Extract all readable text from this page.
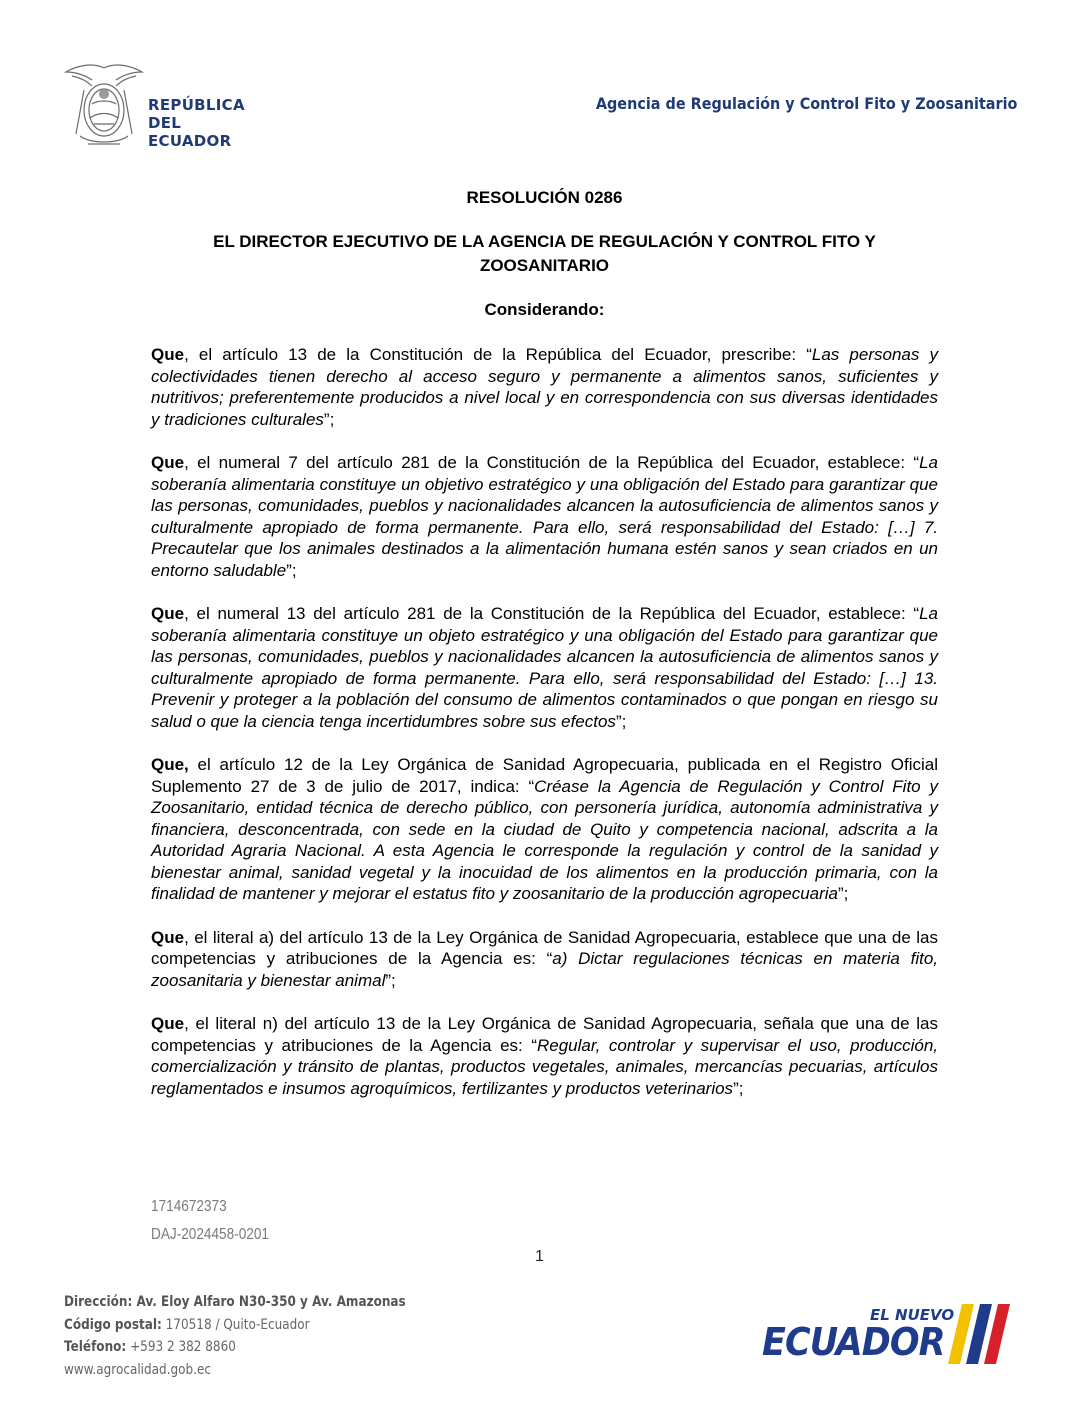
REPÚBLICA
DEL ECUADOR

Agencia de Regulación y Control Fito y Zoosanitario

RESOLUCIÓN 0286

EL DIRECTOR EJECUTIVO DE LA AGENCIA DE REGULACIÓN Y CONTROL FITO Y ZOOSANITARIO

Considerando:

Que, el artículo 13 de la Constitución de la República del Ecuador, prescribe: “Las personas y colectividades tienen derecho al acceso seguro y permanente a alimentos sanos, suficientes y nutritivos; preferentemente producidos a nivel local y en correspondencia con sus diversas identidades y tradiciones culturales”;

Que, el numeral 7 del artículo 281 de la Constitución de la República del Ecuador, establece: “La soberanía alimentaria constituye un objetivo estratégico y una obligación del Estado para garantizar que las personas, comunidades, pueblos y nacionalidades alcancen la autosuficiencia de alimentos sanos y culturalmente apropiado de forma permanente. Para ello, será responsabilidad del Estado: […] 7. Precautelar que los animales destinados a la alimentación humana estén sanos y sean criados en un entorno saludable”;

Que, el numeral 13 del artículo 281 de la Constitución de la República del Ecuador, establece: “La soberanía alimentaria constituye un objeto estratégico y una obligación del Estado para garantizar que las personas, comunidades, pueblos y nacionalidades alcancen la autosuficiencia de alimentos sanos y culturalmente apropiado de forma permanente. Para ello, será responsabilidad del Estado: […] 13. Prevenir y proteger a la población del consumo de alimentos contaminados o que pongan en riesgo su salud o que la ciencia tenga incertidumbres sobre sus efectos”;

Que, el artículo 12 de la Ley Orgánica de Sanidad Agropecuaria, publicada en el Registro Oficial Suplemento 27 de 3 de julio de 2017, indica: “Créase la Agencia de Regulación y Control Fito y Zoosanitario, entidad técnica de derecho público, con personería jurídica, autonomía administrativa y financiera, desconcentrada, con sede en la ciudad de Quito y competencia nacional, adscrita a la Autoridad Agraria Nacional. A esta Agencia le corresponde la regulación y control de la sanidad y bienestar animal, sanidad vegetal y la inocuidad de los alimentos en la producción primaria, con la finalidad de mantener y mejorar el estatus fito y zoosanitario de la producción agropecuaria”;

Que, el literal a) del artículo 13 de la Ley Orgánica de Sanidad Agropecuaria, establece que una de las competencias y atribuciones de la Agencia es: “a) Dictar regulaciones técnicas en materia fito, zoosanitaria y bienestar animal”;

Que, el literal n) del artículo 13 de la Ley Orgánica de Sanidad Agropecuaria, señala que una de las competencias y atribuciones de la Agencia es: “Regular, controlar y supervisar el uso, producción, comercialización y tránsito de plantas, productos vegetales, animales, mercancías pecuarias, artículos reglamentados e insumos agroquímicos, fertilizantes y productos veterinarios”;

1714672373

DAJ-2024458-0201

1

Dirección: Av. Eloy Alfaro N30-350 y Av. Amazonas

Código postal: 170518 / Quito-Ecuador

Teléfono: +593 2 382 8860

www.agrocalidad.gob.ec

EL NUEVO

ECUADOR
